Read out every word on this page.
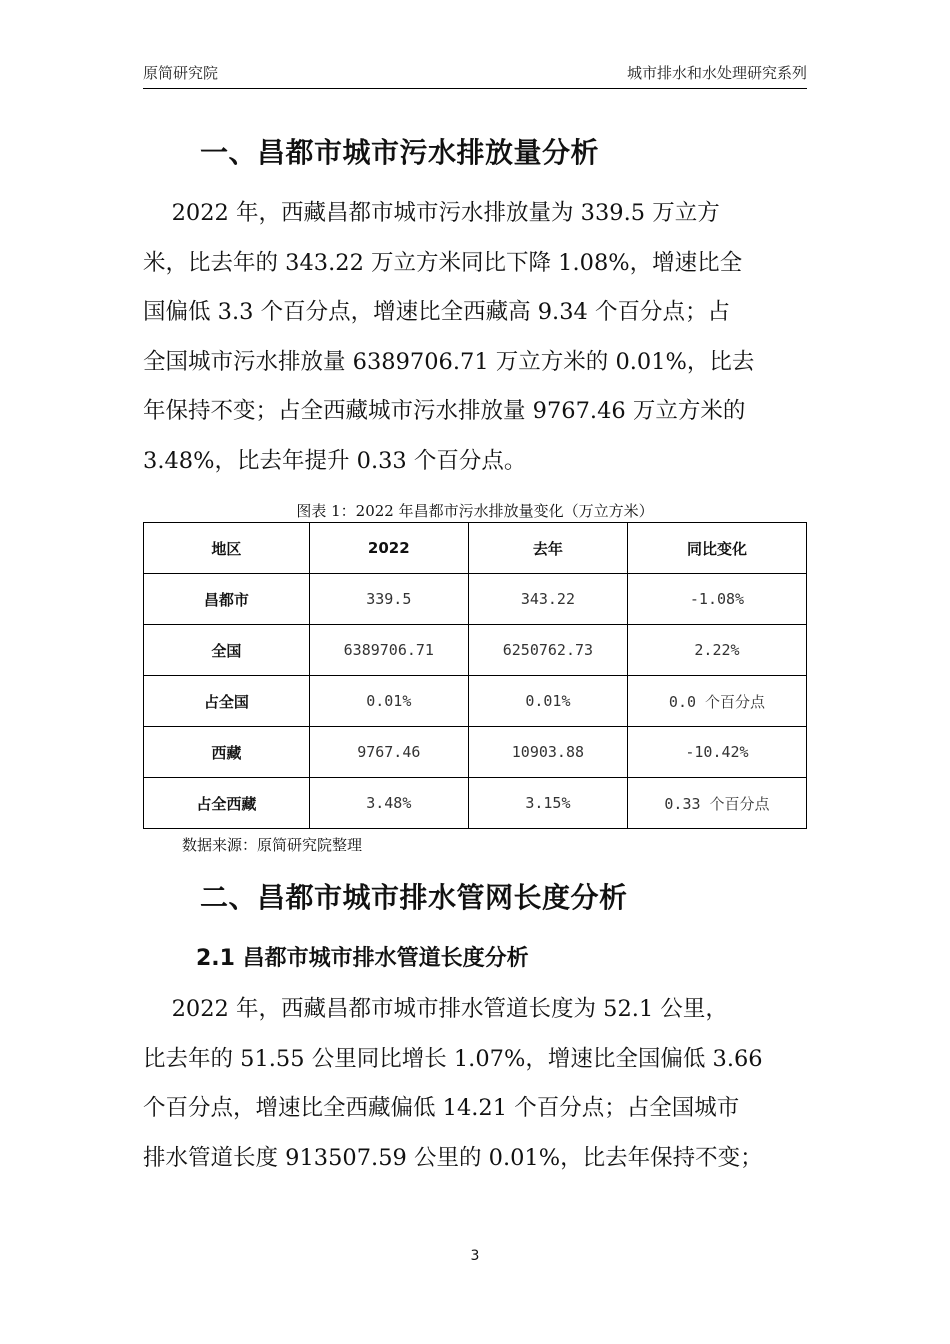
原简研究院	城市排水和水处理研究系列
一、昌都市城市污水排放量分析

2022 年，西藏昌都市城市污水排放量为 339.5 万立方
米，比去年的 343.22 万立方米同比下降 1.08%，增速比全
国偏低 3.3 个百分点，增速比全西藏高 9.34 个百分点；占
全国城市污水排放量 6389706.71 万立方米的 0.01%，比去
年保持不变；占全西藏城市污水排放量 9767.46 万立方米的
3.48%，比去年提升 0.33 个百分点。

图表 1：2022 年昌都市污水排放量变化（万立方米）
地区	2022	去年	同比变化
昌都市	339.5	343.22	-1.08%
全国	6389706.71	6250762.73	2.22%
占全国	0.01%	0.01%	0.0 个百分点
西藏	9767.46	10903.88	-10.42%
占全西藏	3.48%	3.15%	0.33 个百分点
数据来源：原简研究院整理
二、昌都市城市排水管网长度分析
2.1 昌都市城市排水管道长度分析

2022 年，西藏昌都市城市排水管道长度为 52.1 公里，
比去年的 51.55 公里同比增长 1.07%，增速比全国偏低 3.66
个百分点，增速比全西藏偏低 14.21 个百分点；占全国城市
排水管道长度 913507.59 公里的 0.01%，比去年保持不变；

3
